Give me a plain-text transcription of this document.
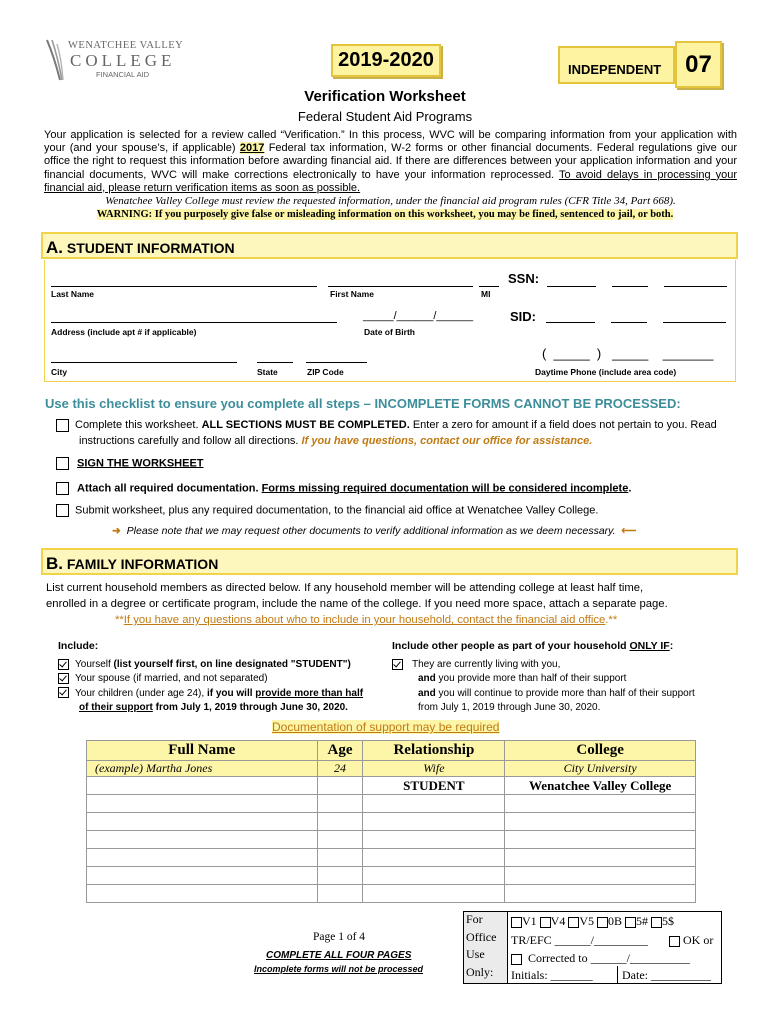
WENATCHEE VALLEY
COLLEGE
FINANCIAL AID
2019-2020	INDEPENDENT 07
Verification Worksheet
Federal Student Aid Programs
Your application is selected for a review called “Verification.” In this process, WVC will be comparing information from your application with your (and your spouse’s, if applicable) 2017 Federal tax information, W-2 forms or other financial documents. Federal regulations give our office the right to request this information before awarding financial aid. If there are differences between your application information and your financial documents, WVC will make corrections electronically to have your information reprocessed. To avoid delays in processing your financial aid, please return verification items as soon as possible.
Wenatchee Valley College must review the requested information, under the financial aid program rules (CFR Title 34, Part 668).
WARNING: If you purposely give false or misleading information on this worksheet, you may be fined, sentenced to jail, or both.
A. STUDENT INFORMATION
SSN:
Last Name	First Name	MI
_____/______/______	SID:
Address (include apt # if applicable)	Date of Birth
(  _____  )   _____    _______
City	State	ZIP Code	Daytime Phone (include area code)
Use this checklist to ensure you complete all steps – INCOMPLETE FORMS CANNOT BE PROCESSED:
Complete this worksheet. ALL SECTIONS MUST BE COMPLETED. Enter a zero for amount if a field does not pertain to you. Read
instructions carefully and follow all directions. If you have questions, contact our office for assistance.
SIGN THE WORKSHEET
Attach all required documentation. Forms missing required documentation will be considered incomplete.
Submit worksheet, plus any required documentation, to the financial aid office at Wenatchee Valley College.
➜ Please note that we may request other documents to verify additional information as we deem necessary. ⟵
B. FAMILY INFORMATION
List current household members as directed below. If any household member will be attending college at least half time,
enrolled in a degree or certificate program, include the name of the college. If you need more space, attach a separate page.
**If you have any questions about who to include in your household, contact the financial aid office.**
Include:
Yourself (list yourself first, on line designated "STUDENT")
Your spouse (if married, and not separated)
Your children (under age 24), if you will provide more than half
of their support from July 1, 2019 through June 30, 2020.
Include other people as part of your household ONLY IF:
They are currently living with you,
and you provide more than half of their support
and you will continue to provide more than half of their support
from July 1, 2019 through June 30, 2020.
Documentation of support may be required
Full Name	Age	Relationship	College
(example) Martha Jones	24	Wife	City University
		STUDENT	Wenatchee Valley College

Page 1 of 4
COMPLETE ALL FOUR PAGES
Incomplete forms will not be processed
For
Office
Use
Only:
V1 V4 V5 0B 5# 5$
TR/EFC ______/_________	OK or
Corrected to ______/__________
Initials: _______ Date: __________
